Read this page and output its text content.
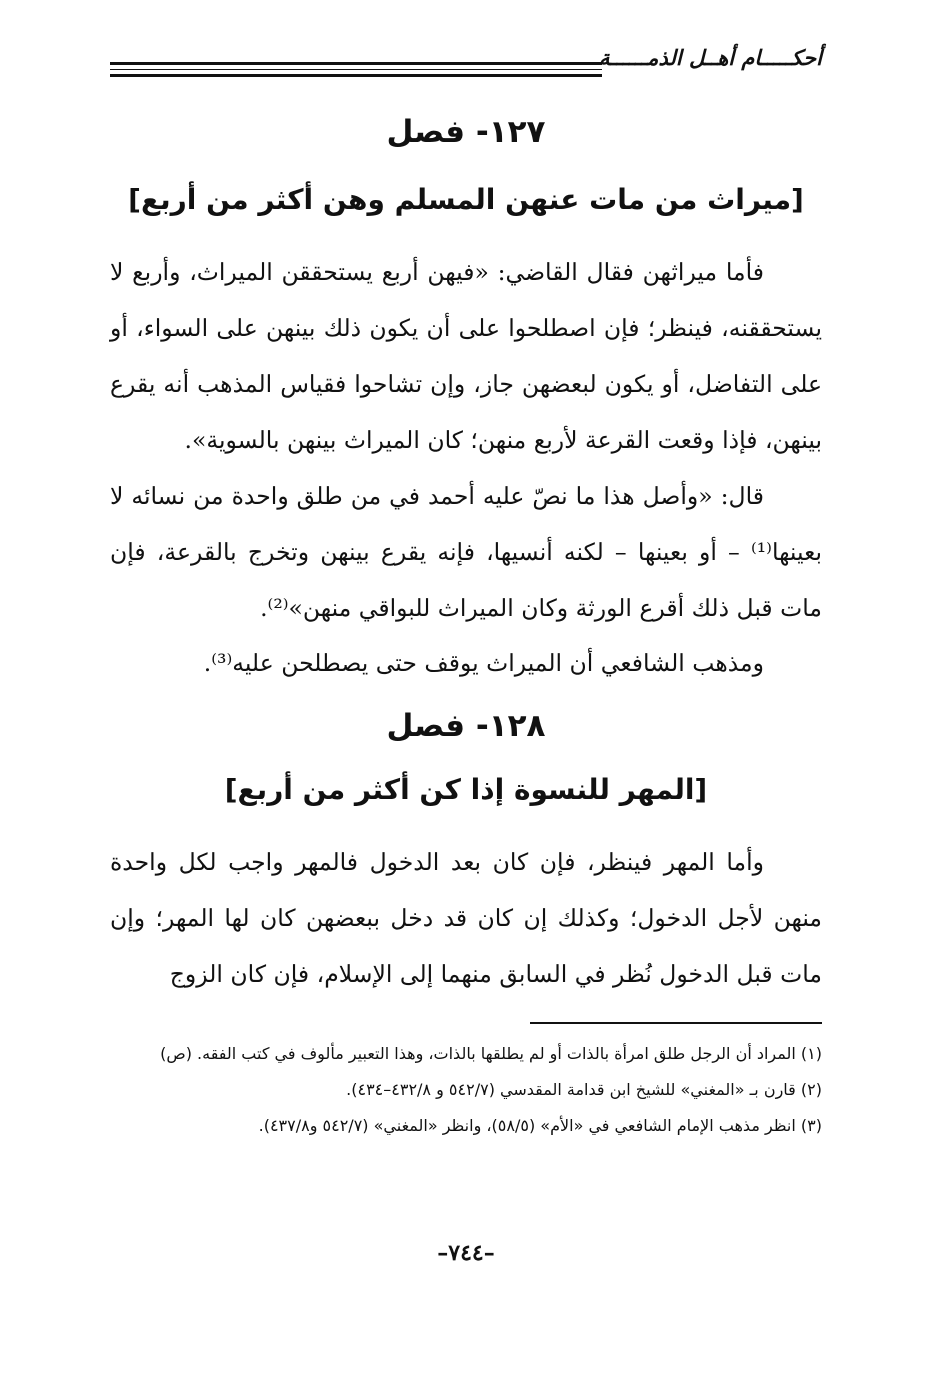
أحكـــــام أهــل الذمــــــة
١٢٧- فصل
[ميراث من مات عنهن المسلم وهن أكثر من أربع]
فأما ميراثهن فقال القاضي: «فيهن أربع يستحققن الميراث، وأربع لا يستحققنه، فينظر؛ فإن اصطلحوا على أن يكون ذلك بينهن على السواء، أو على التفاضل، أو يكون لبعضهن جاز، وإن تشاحوا فقياس المذهب أنه يقرع بينهن، فإذا وقعت القرعة لأربع منهن؛ كان الميراث بينهن بالسوية».
قال: «وأصل هذا ما نصّ عليه أحمد في من طلق واحدة من نسائه لا بعينها⁽¹⁾ – أو بعينها – لكنه أنسيها، فإنه يقرع بينهن وتخرج بالقرعة، فإن مات قبل ذلك أقرع الورثة وكان الميراث للبواقي منهن»⁽²⁾.
ومذهب الشافعي أن الميراث يوقف حتى يصطلحن عليه⁽³⁾.
١٢٨- فصل
[المهر للنسوة إذا كن أكثر من أربع]
وأما المهر فينظر، فإن كان بعد الدخول فالمهر واجب لكل واحدة منهن لأجل الدخول؛ وكذلك إن كان قد دخل ببعضهن كان لها المهر؛ وإن مات قبل الدخول نُظر في السابق منهما إلى الإسلام، فإن كان الزوج
(١) المراد أن الرجل طلق امرأة بالذات أو لم يطلقها بالذات، وهذا التعبير مألوف في كتب الفقه. (ص)
(٢) قارن بـ «المغني» للشيخ ابن قدامة المقدسي (٥٤٢/٧ و ٤٣٢/٨–٤٣٤).
(٣) انظر مذهب الإمام الشافعي في «الأم» (٥٨/٥)، وانظر «المغني» (٥٤٢/٧ و٤٣٧/٨).
–٧٤٤–
